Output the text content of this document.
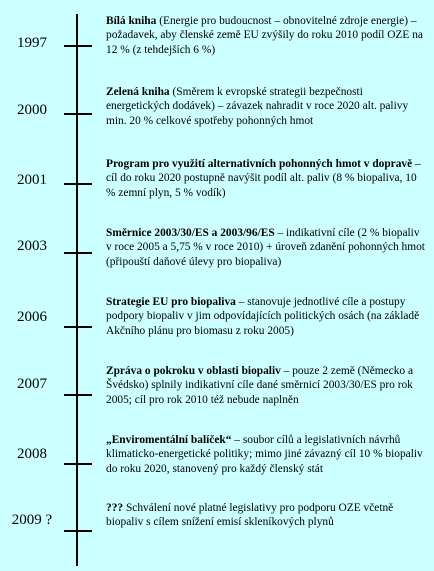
1997
Bílá kniha (Energie pro budoucnost – obnovitelné zdroje energie) – požadavek, aby členské země EU zvýšily do roku 2010 podíl OZE na 12 % (z tehdejších 6 %)
2000
Zelená kniha (Směrem k evropské strategii bezpečnosti energetických dodávek) – závazek nahradit v roce 2020 alt. palivy min. 20 % celkové spotřeby pohonných hmot
2001
Program pro využití alternativních pohonných hmot v dopravě – cíl do roku 2020 postupně navýšit podíl alt. paliv (8 % biopaliva, 10 % zemní plyn, 5 % vodík)
2003
Směrnice 2003/30/ES a 2003/96/ES – indikativní cíle (2 % biopaliv v roce 2005 a 5,75 % v roce 2010) + úroveň zdanění pohonných hmot (připouští daňové úlevy pro biopaliva)
2006
Strategie EU pro biopaliva – stanovuje jednotlivé cíle a postupy podpory biopaliv v jim odpovídajících politických osách (na základě Akčního plánu pro biomasu z roku 2005)
2007
Zpráva o pokroku v oblasti biopaliv – pouze 2 země (Německo a Švédsko) splnily indikativní cíle dané směrnicí 2003/30/ES pro rok 2005; cíl pro rok 2010 též nebude naplněn
2008
„Enviromentální balíček“ – soubor cílů a legislativních návrhů klimaticko-energetické politiky; mimo jiné závazný cíl 10 % biopaliv do roku 2020, stanovený pro každý členský stát
2009 ?
??? Schválení nové platné legislativy pro podporu OZE včetně biopaliv s cílem snížení emisí skleníkových plynů
